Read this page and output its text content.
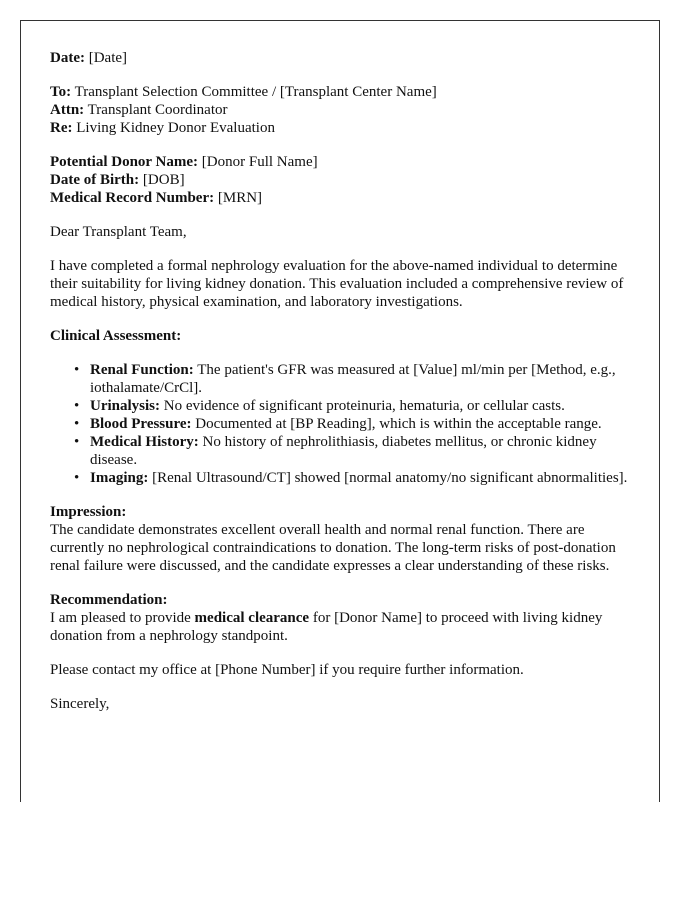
Date: [Date]

To: Transplant Selection Committee / [Transplant Center Name]
Attn: Transplant Coordinator
Re: Living Kidney Donor Evaluation
Potential Donor Name: [Donor Full Name]
Date of Birth: [DOB]
Medical Record Number: [MRN]

Dear Transplant Team,

I have completed a formal nephrology evaluation for the above-named individual to determine their suitability for living kidney donation. This evaluation included a comprehensive review of medical history, physical examination, and laboratory investigations.

Clinical Assessment:

• Renal Function: The patient's GFR was measured at [Value] ml/min per [Method, e.g., iothalamate/CrCl].
• Urinalysis: No evidence of significant proteinuria, hematuria, or cellular casts.
• Blood Pressure: Documented at [BP Reading], which is within the acceptable range.
• Medical History: No history of nephrolithiasis, diabetes mellitus, or chronic kidney disease.
• Imaging: [Renal Ultrasound/CT] showed [normal anatomy/no significant abnormalities].

Impression:
The candidate demonstrates excellent overall health and normal renal function. There are currently no nephrological contraindications to donation. The long-term risks of post-donation renal failure were discussed, and the candidate expresses a clear understanding of these risks.

Recommendation:
I am pleased to provide medical clearance for [Donor Name] to proceed with living kidney donation from a nephrology standpoint.

Please contact my office at [Phone Number] if you require further information.

Sincerely,
